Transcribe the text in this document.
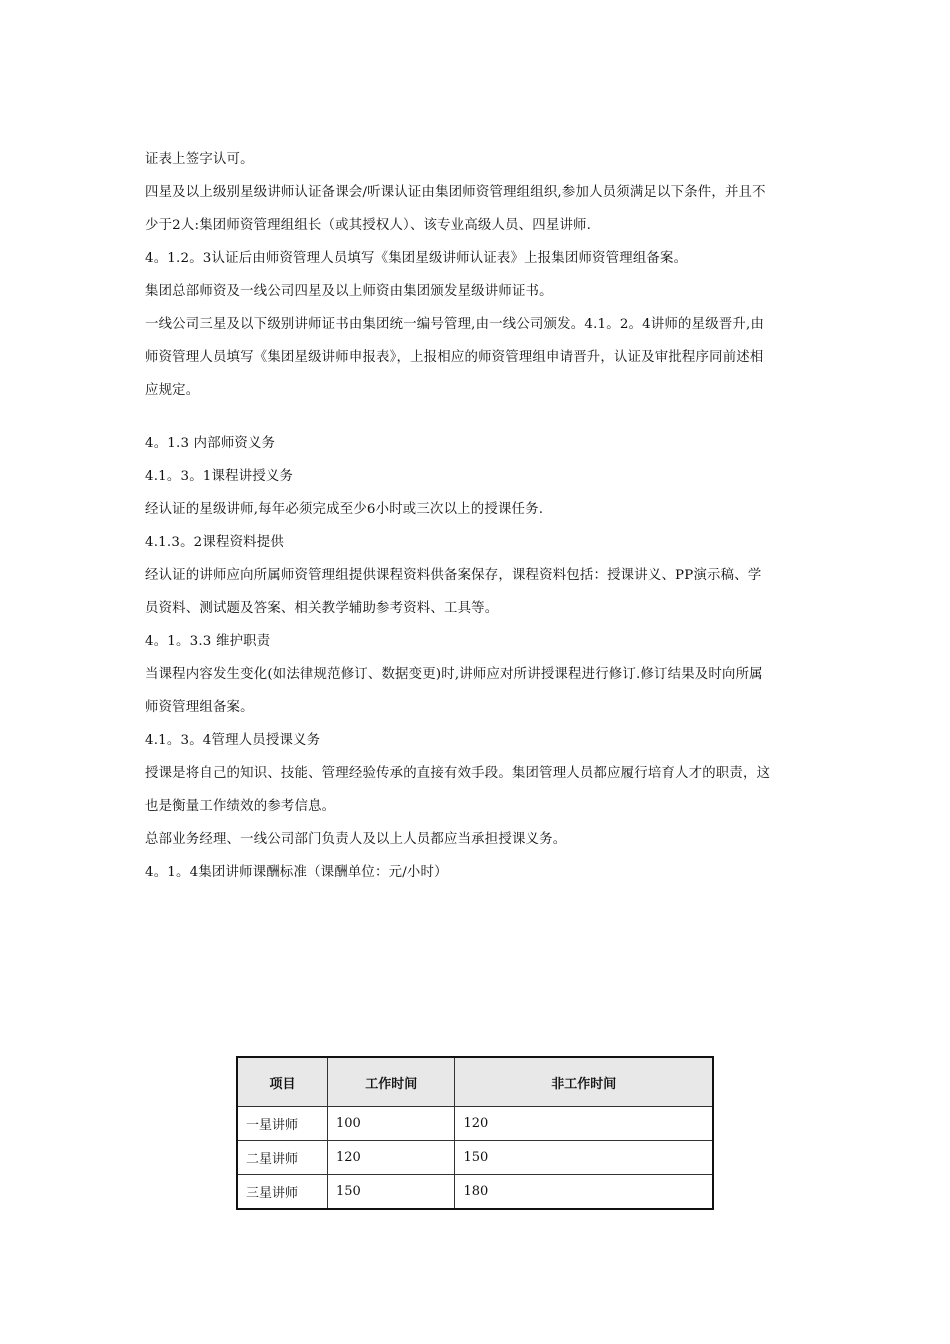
证表上签字认可。
四星及以上级别星级讲师认证备课会/听课认证由集团师资管理组组织,参加人员须满足以下条件，并且不
少于2人:集团师资管理组组长（或其授权人）、该专业高级人员、四星讲师.
4。1.2。3认证后由师资管理人员填写《集团星级讲师认证表》上报集团师资管理组备案。
集团总部师资及一线公司四星及以上师资由集团颁发星级讲师证书。
一线公司三星及以下级别讲师证书由集团统一编号管理,由一线公司颁发。4.1。2。4讲师的星级晋升,由
师资管理人员填写《集团星级讲师申报表》，上报相应的师资管理组申请晋升，认证及审批程序同前述相
应规定。
4。1.3 内部师资义务
4.1。3。1课程讲授义务
经认证的星级讲师,每年必须完成至少6小时或三次以上的授课任务.
4.1.3。2课程资料提供
经认证的讲师应向所属师资管理组提供课程资料供备案保存，课程资料包括：授课讲义、PP演示稿、学
员资料、测试题及答案、相关教学辅助参考资料、工具等。
4。1。3.3 维护职责
当课程内容发生变化(如法律规范修订、数据变更)时,讲师应对所讲授课程进行修订.修订结果及时向所属
师资管理组备案。
4.1。3。4管理人员授课义务
授课是将自己的知识、技能、管理经验传承的直接有效手段。集团管理人员都应履行培育人才的职责，这
也是衡量工作绩效的参考信息。
总部业务经理、一线公司部门负责人及以上人员都应当承担授课义务。
4。1。4集团讲师课酬标准（课酬单位：元/小时）
项目	工作时间	非工作时间
一星讲师	100	120
二星讲师	120	150
三星讲师	150	180
